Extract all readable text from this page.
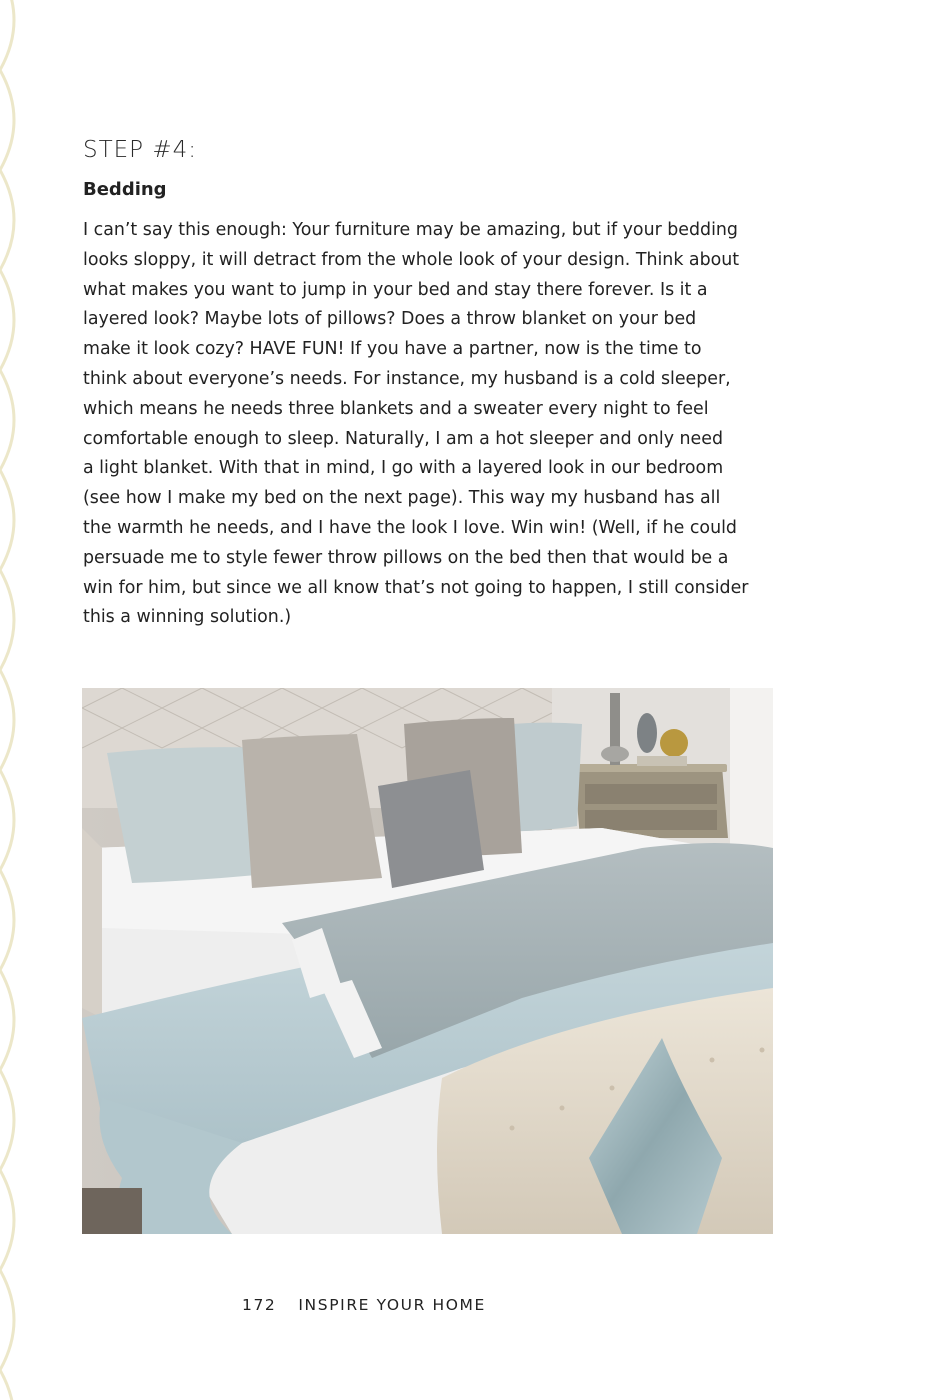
STEP #4:
Bedding
I can’t say this enough: Your furniture may be amazing, but if your bedding
looks sloppy, it will detract from the whole look of your design. Think about
what makes you want to jump in your bed and stay there forever. Is it a
layered look? Maybe lots of pillows? Does a throw blanket on your bed
make it look cozy? HAVE FUN! If you have a partner, now is the time to
think about everyone’s needs. For instance, my husband is a cold sleeper,
which means he needs three blankets and a sweater every night to feel
comfortable enough to sleep. Naturally, I am a hot sleeper and only need
a light blanket. With that in mind, I go with a layered look in our bedroom
(see how I make my bed on the next page). This way my husband has all
the warmth he needs, and I have the look I love. Win win! (Well, if he could
persuade me to style fewer throw pillows on the bed then that would be a
win for him, but since we all know that’s not going to happen, I still consider
this a winning solution.)
172 INSPIRE YOUR HOME
